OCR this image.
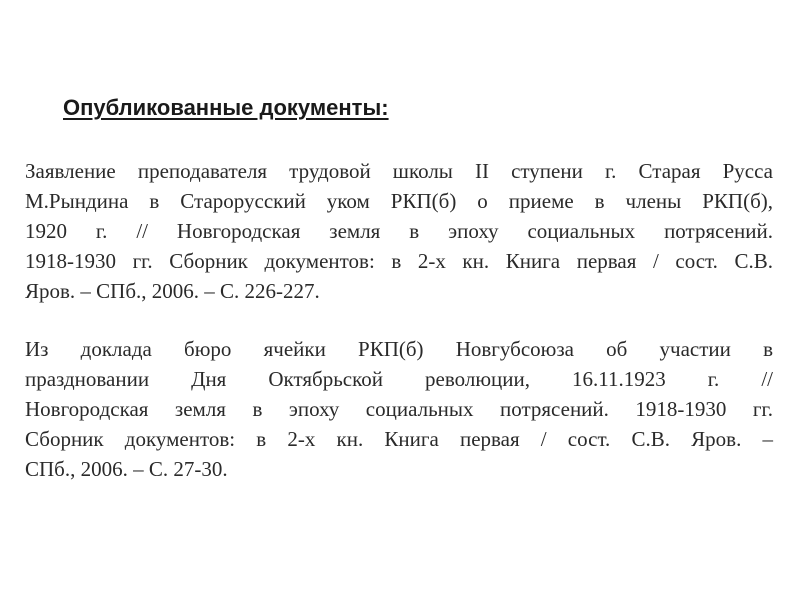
Опубликованные документы:
Заявление преподавателя трудовой школы II ступени г. Старая Русса
М.Рындина в Старорусский уком РКП(б) о приеме в члены РКП(б),
1920 г. // Новгородская земля в эпоху социальных потрясений.
1918-1930 гг. Сборник документов: в 2-х кн. Книга первая / сост. С.В.
Яров. – СПб., 2006. – С. 226-227.
Из доклада бюро ячейки РКП(б) Новгубсоюза об участии в
праздновании Дня Октябрьской революции, 16.11.1923 г. //
Новгородская земля в эпоху социальных потрясений. 1918-1930 гг.
Сборник документов: в 2-х кн. Книга первая / сост. С.В. Яров. –
СПб., 2006. – С. 27-30.
